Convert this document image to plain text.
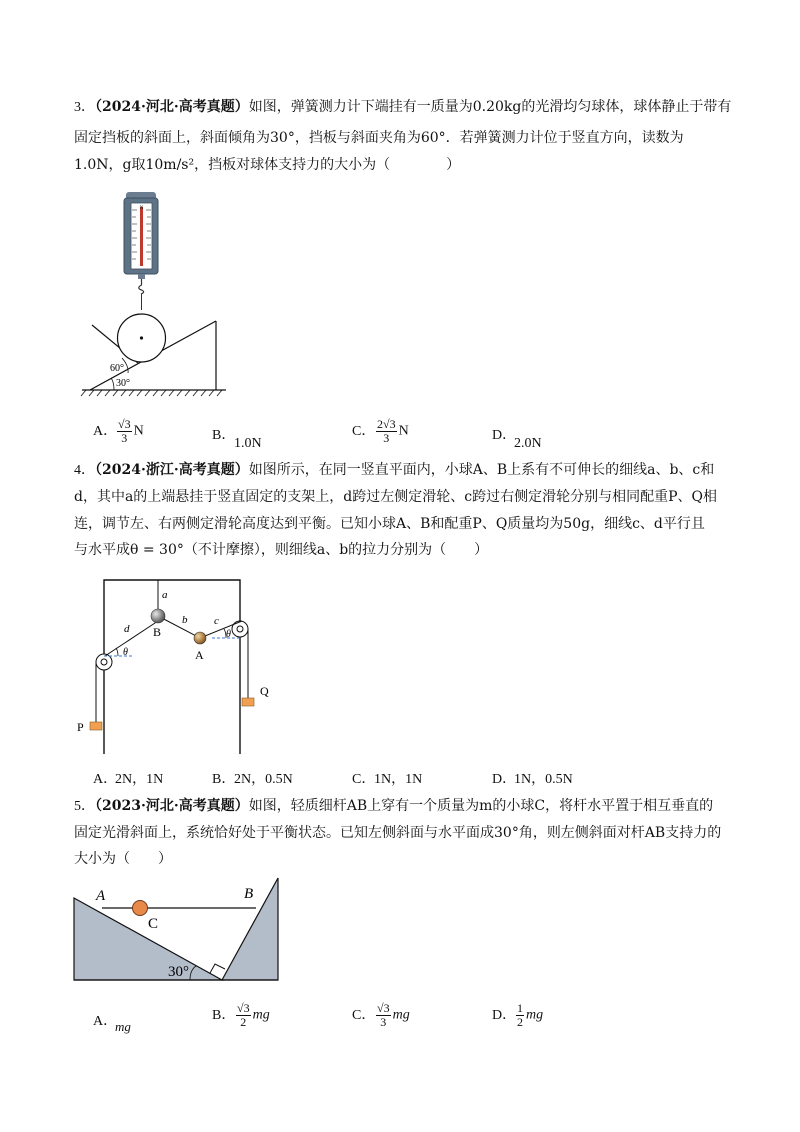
3．（2024·河北·高考真题）如图，弹簧测力计下端挂有一质量为0.20kg的光滑均匀球体，球体静止于带有
固定挡板的斜面上，斜面倾角为30°，挡板与斜面夹角为60°．若弹簧测力计位于竖直方向，读数为
1.0N，g取10m/s²，挡板对球体支持力的大小为（　　　　）
N
60°
30°
A． $\frac{√3}{3}$ N	B．1.0N
C． $\frac{2√3}{3}$ N	D．2.0N
4．（2024·浙江·高考真题）如图所示，在同一竖直平面内，小球A、B上系有不可伸长的细线a、b、c和
d，其中a的上端悬挂于竖直固定的支架上，d跨过左侧定滑轮、c跨过右侧定滑轮分别与相同配重P、Q相
连，调节左、右两侧定滑轮高度达到平衡。已知小球A、B和配重P、Q质量均为50g，细线c、d平行且
与水平成θ = 30°（不计摩擦），则细线a、b的拉力分别为（　　）
a
d
b c
θ
θ
B
A
P
Q
A．2N，1N	B．2N，0.5N	C．1N，1N	D．1N，0.5N
5．（2023·河北·高考真题）如图，轻质细杆AB上穿有一个质量为m的小球C，将杆水平置于相互垂直的
固定光滑斜面上，系统恰好处于平衡状态。已知左侧斜面与水平面成30°角，则左侧斜面对杆AB支持力的
大小为（　　）
30°
A	B
C
A．mg
B． $\frac{√3}{2}$ mg	C． $\frac{√3}{3}$ mg	D． $\frac{1}{2}$ mg
